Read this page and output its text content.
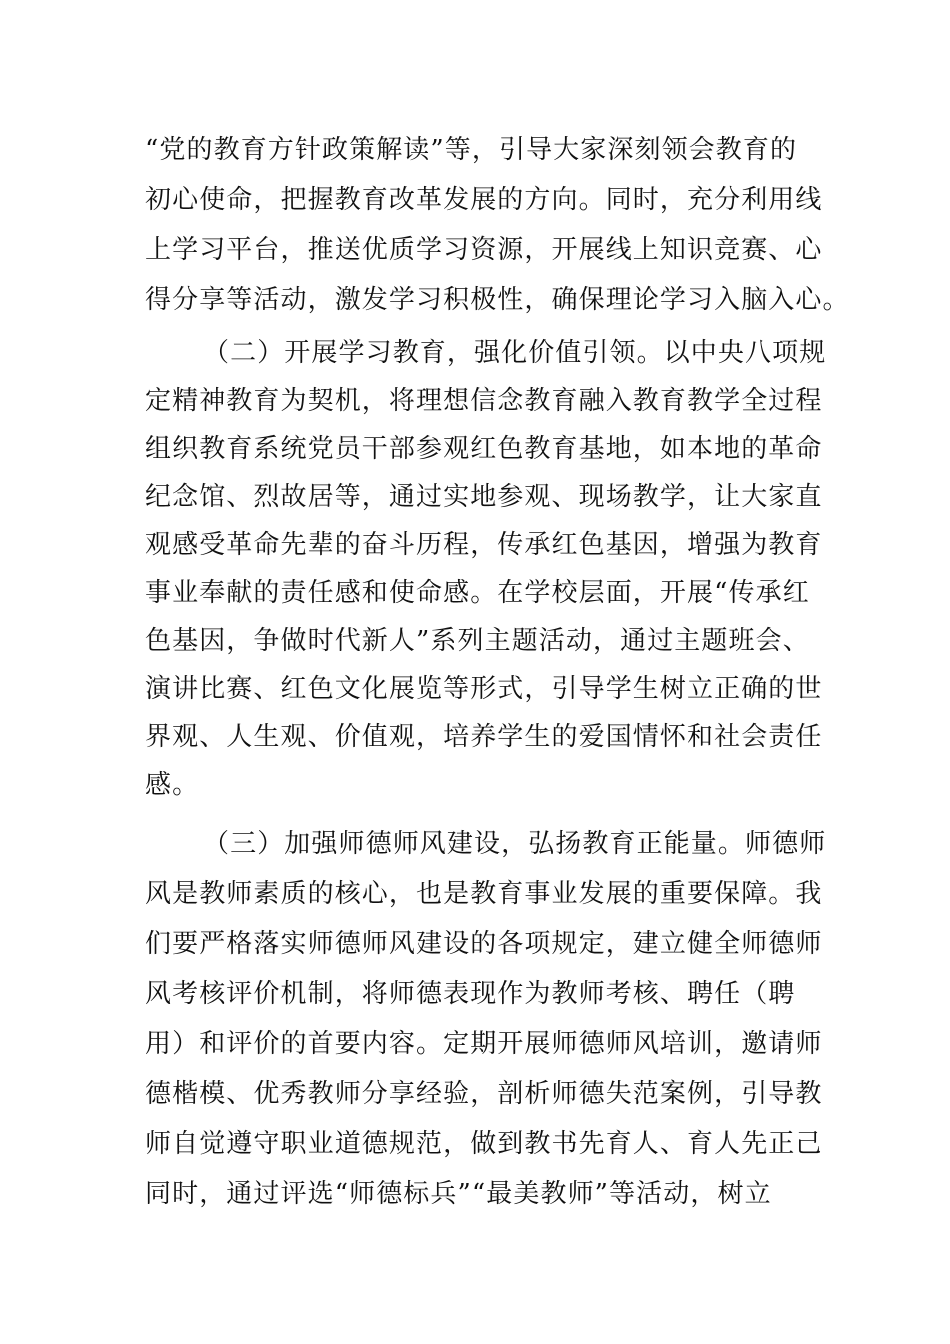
“党的教育方针政策解读”等，引导大家深刻领会教育的
初心使命，把握教育改革发展的方向。同时，充分利用线
上学习平台，推送优质学习资源，开展线上知识竞赛、心
得分享等活动，激发学习积极性，确保理论学习入脑入心。
（二）开展学习教育，强化价值引领。以中央八项规
定精神教育为契机，将理想信念教育融入教育教学全过程
组织教育系统党员干部参观红色教育基地，如本地的革命
纪念馆、烈故居等，通过实地参观、现场教学，让大家直
观感受革命先辈的奋斗历程，传承红色基因，增强为教育
事业奉献的责任感和使命感。在学校层面，开展“传承红
色基因，争做时代新人”系列主题活动，通过主题班会、
演讲比赛、红色文化展览等形式，引导学生树立正确的世
界观、人生观、价值观，培养学生的爱国情怀和社会责任
感。
（三）加强师德师风建设，弘扬教育正能量。师德师
风是教师素质的核心，也是教育事业发展的重要保障。我
们要严格落实师德师风建设的各项规定，建立健全师德师
风考核评价机制，将师德表现作为教师考核、聘任（聘
用）和评价的首要内容。定期开展师德师风培训，邀请师
德楷模、优秀教师分享经验，剖析师德失范案例，引导教
师自觉遵守职业道德规范，做到教书先育人、育人先正己
同时，通过评选“师德标兵”“最美教师”等活动，树立
